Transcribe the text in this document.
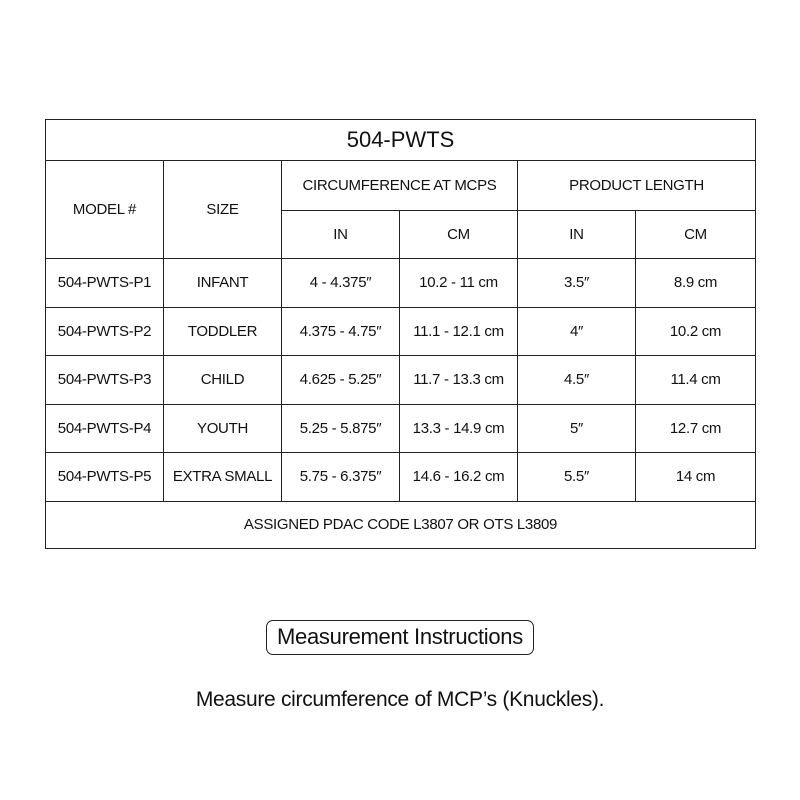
504-PWTS					
MODEL #	SIZE	CIRCUMFERENCE AT MCPS		PRODUCT LENGTH	
		IN	CM	IN	CM
504-PWTS-P1	INFANT	4 - 4.375″	10.2 - 11 cm	3.5″	8.9 cm
504-PWTS-P2	TODDLER	4.375 - 4.75″	11.1 - 12.1 cm	4″	10.2 cm
504-PWTS-P3	CHILD	4.625 - 5.25″	11.7 - 13.3 cm	4.5″	11.4 cm
504-PWTS-P4	YOUTH	5.25 - 5.875″	13.3 - 14.9 cm	5″	12.7 cm
504-PWTS-P5	EXTRA SMALL	5.75 - 6.375″	14.6 - 16.2 cm	5.5″	14 cm
ASSIGNED PDAC CODE L3807 OR OTS L3809					
Measurement Instructions
Measure circumference of MCP’s (Knuckles).
